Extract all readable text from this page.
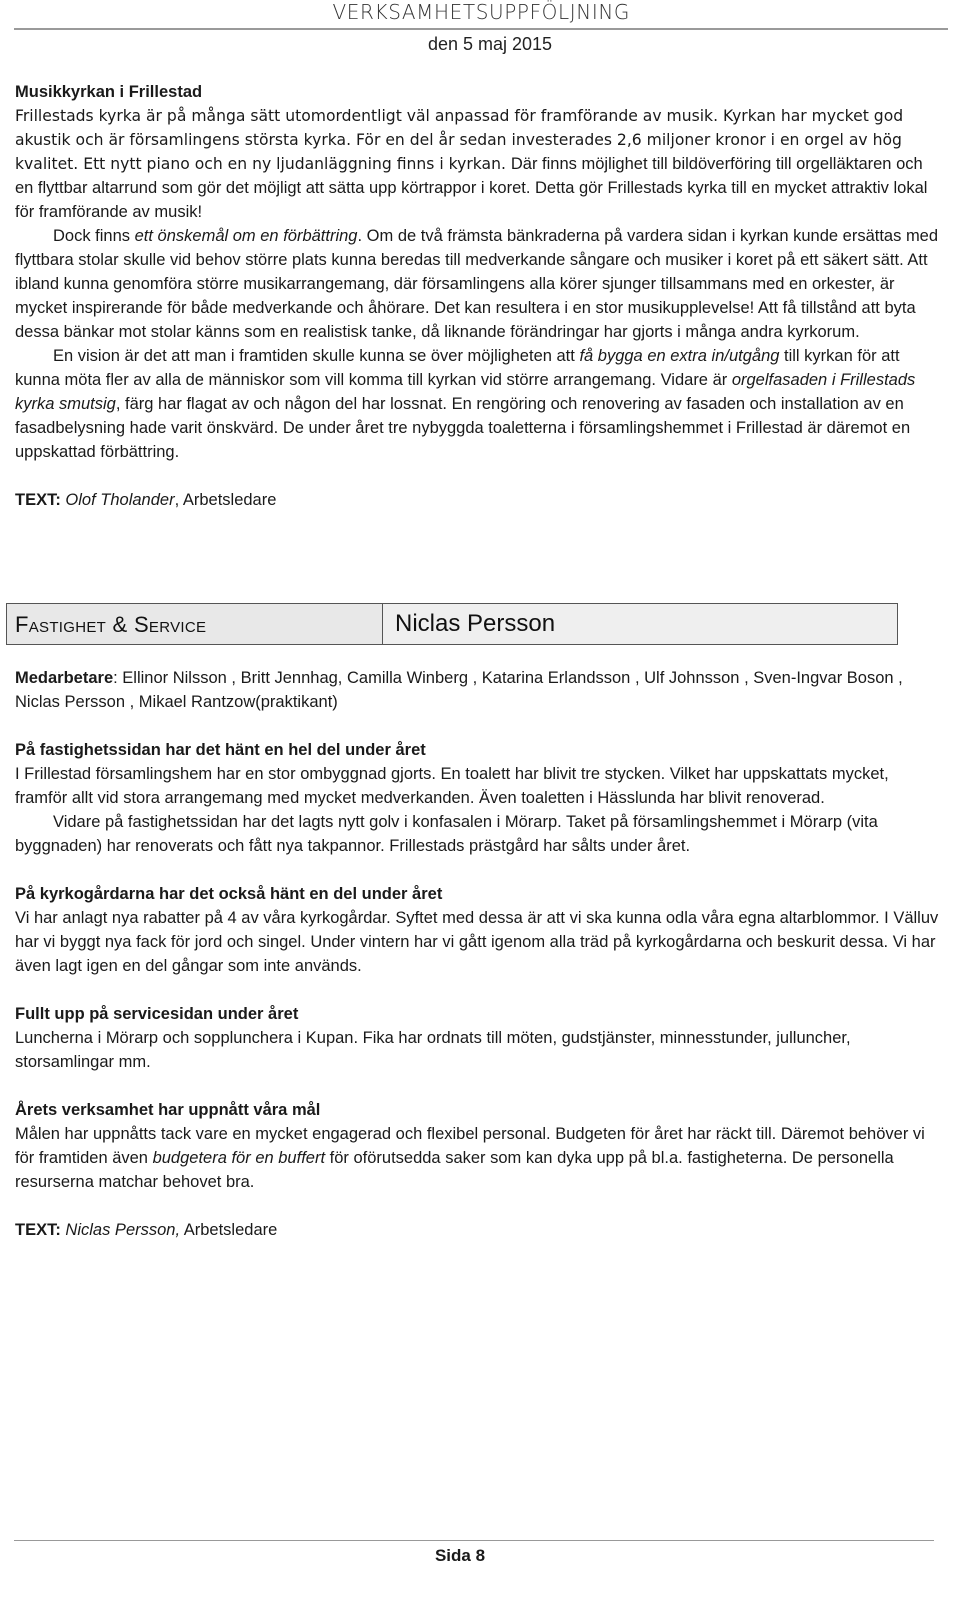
VERKSAMHETSUPPFÖLJNING
den 5 maj 2015

Musikkyrkan i Frillestad

Frillestads kyrka är på många sätt utomordentligt väl anpassad för framförande av musik. Kyrkan har mycket god akustik och är församlingens största kyrka. För en del år sedan investerades 2,6 miljoner kronor i en orgel av hög kvalitet. Ett nytt piano och en ny ljudanläggning finns i kyrkan. Där finns möjlighet till bildöverföring till orgelläktaren och en flyttbar altarrund som gör det möjligt att sätta upp körtrappor i koret. Detta gör Frillestads kyrka till en mycket attraktiv lokal för framförande av musik!

Dock finns ett önskemål om en förbättring. Om de två främsta bänkraderna på vardera sidan i kyrkan kunde ersättas med flyttbara stolar skulle vid behov större plats kunna beredas till medverkande sångare och musiker i koret på ett säkert sätt. Att ibland kunna genomföra större musikarrangemang, där församlingens alla körer sjunger tillsammans med en orkester, är mycket inspirerande för både medverkande och åhörare. Det kan resultera i en stor musikupplevelse! Att få tillstånd att byta dessa bänkar mot stolar känns som en realistisk tanke, då liknande förändringar har gjorts i många andra kyrkorum.

En vision är det att man i framtiden skulle kunna se över möjligheten att få bygga en extra in/utgång till kyrkan för att kunna möta fler av alla de människor som vill komma till kyrkan vid större arrangemang. Vidare är orgelfasaden i Frillestads kyrka smutsig, färg har flagat av och någon del har lossnat. En rengöring och renovering av fasaden och installation av en fasadbelysning hade varit önskvärd. De under året tre nybyggda toaletterna i församlingshemmet i Frillestad är däremot en uppskattad förbättring.

TEXT: Olof Tholander, Arbetsledare

Fastighet & Service	Niclas Persson

Medarbetare: Ellinor Nilsson , Britt Jennhag, Camilla Winberg , Katarina Erlandsson , Ulf Johnsson , Sven-Ingvar Boson , Niclas Persson , Mikael Rantzow(praktikant)

På fastighetssidan har det hänt en hel del under året

I Frillestad församlingshem har en stor ombyggnad gjorts. En toalett har blivit tre stycken. Vilket har uppskattats mycket, framför allt vid stora arrangemang med mycket medverkanden. Även toaletten i Hässlunda har blivit renoverad.

Vidare på fastighetssidan har det lagts nytt golv i konfasalen i Mörarp. Taket på församlingshemmet i Mörarp (vita byggnaden) har renoverats och fått nya takpannor. Frillestads prästgård har sålts under året.

På kyrkogårdarna har det också hänt en del under året

Vi har anlagt nya rabatter på 4 av våra kyrkogårdar. Syftet med dessa är att vi ska kunna odla våra egna altarblommor. I Välluv har vi byggt nya fack för jord och singel. Under vintern har vi gått igenom alla träd på kyrkogårdarna och beskurit dessa. Vi har även lagt igen en del gångar som inte används.

Fullt upp på servicesidan under året

Luncherna i Mörarp och sopplunchera i Kupan. Fika har ordnats till möten, gudstjänster, minnesstunder, julluncher, storsamlingar mm.

Årets verksamhet har uppnått våra mål

Målen har uppnåtts tack vare en mycket engagerad och flexibel personal. Budgeten för året har räckt till. Däremot behöver vi för framtiden även budgetera för en buffert för oförutsedda saker som kan dyka upp på bl.a. fastigheterna. De personella resurserna matchar behovet bra.

TEXT: Niclas Persson, Arbetsledare

Sida 8
